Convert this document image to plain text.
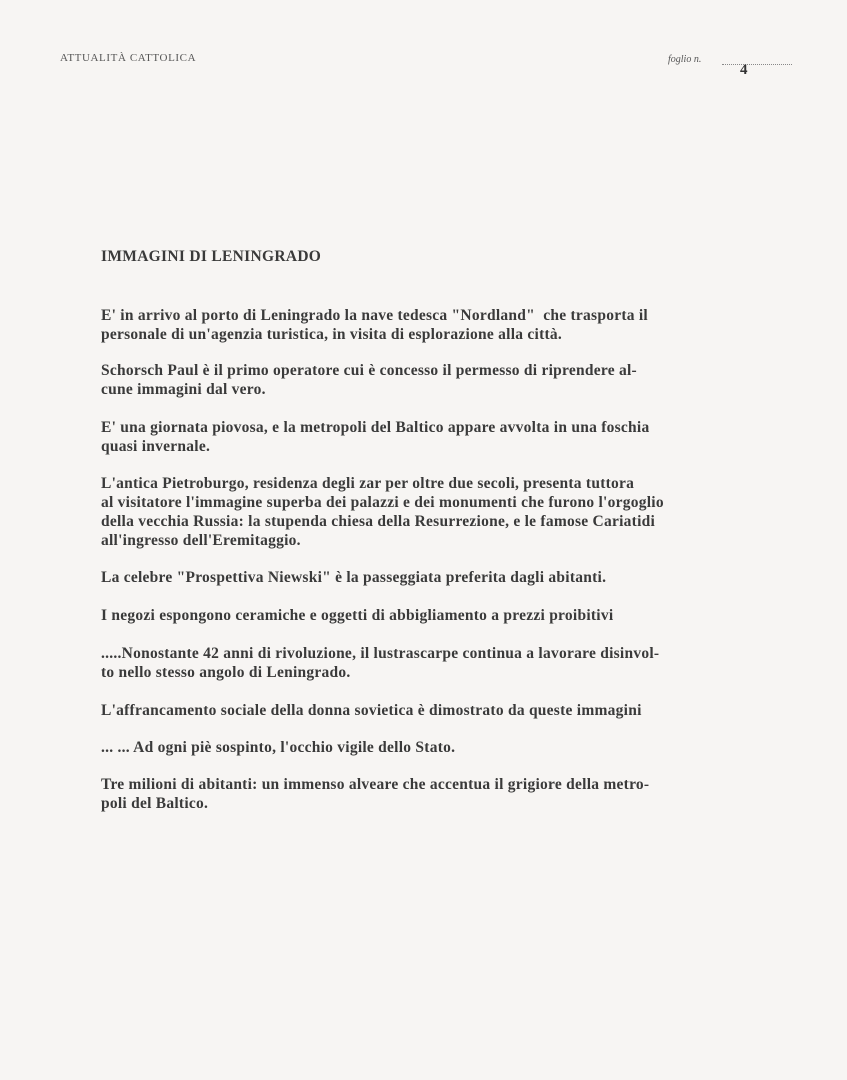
ATTUALITÀ CATTOLICA	foglio n.
4
IMMAGINI DI LENINGRADO
E' in arrivo al porto di Leningrado la nave tedesca "Nordland"  che trasporta il
personale di un'agenzia turistica, in visita di esplorazione alla città.
Schorsch Paul è il primo operatore cui è concesso il permesso di riprendere al-
cune immagini dal vero.
E' una giornata piovosa, e la metropoli del Baltico appare avvolta in una foschia
quasi invernale.
L'antica Pietroburgo, residenza degli zar per oltre due secoli, presenta tuttora
al visitatore l'immagine superba dei palazzi e dei monumenti che furono l'orgoglio
della vecchia Russia: la stupenda chiesa della Resurrezione, e le famose Cariatidi
all'ingresso dell'Eremitaggio.
La celebre "Prospettiva Niewski" è la passeggiata preferita dagli abitanti.
I negozi espongono ceramiche e oggetti di abbigliamento a prezzi proibitivi
.....Nonostante 42 anni di rivoluzione, il lustrascarpe continua a lavorare disinvol-
to nello stesso angolo di Leningrado.
L'affrancamento sociale della donna sovietica è dimostrato da queste immagini
... ... Ad ogni piè sospinto, l'occhio vigile dello Stato.
Tre milioni di abitanti: un immenso alveare che accentua il grigiore della metro-
poli del Baltico.
